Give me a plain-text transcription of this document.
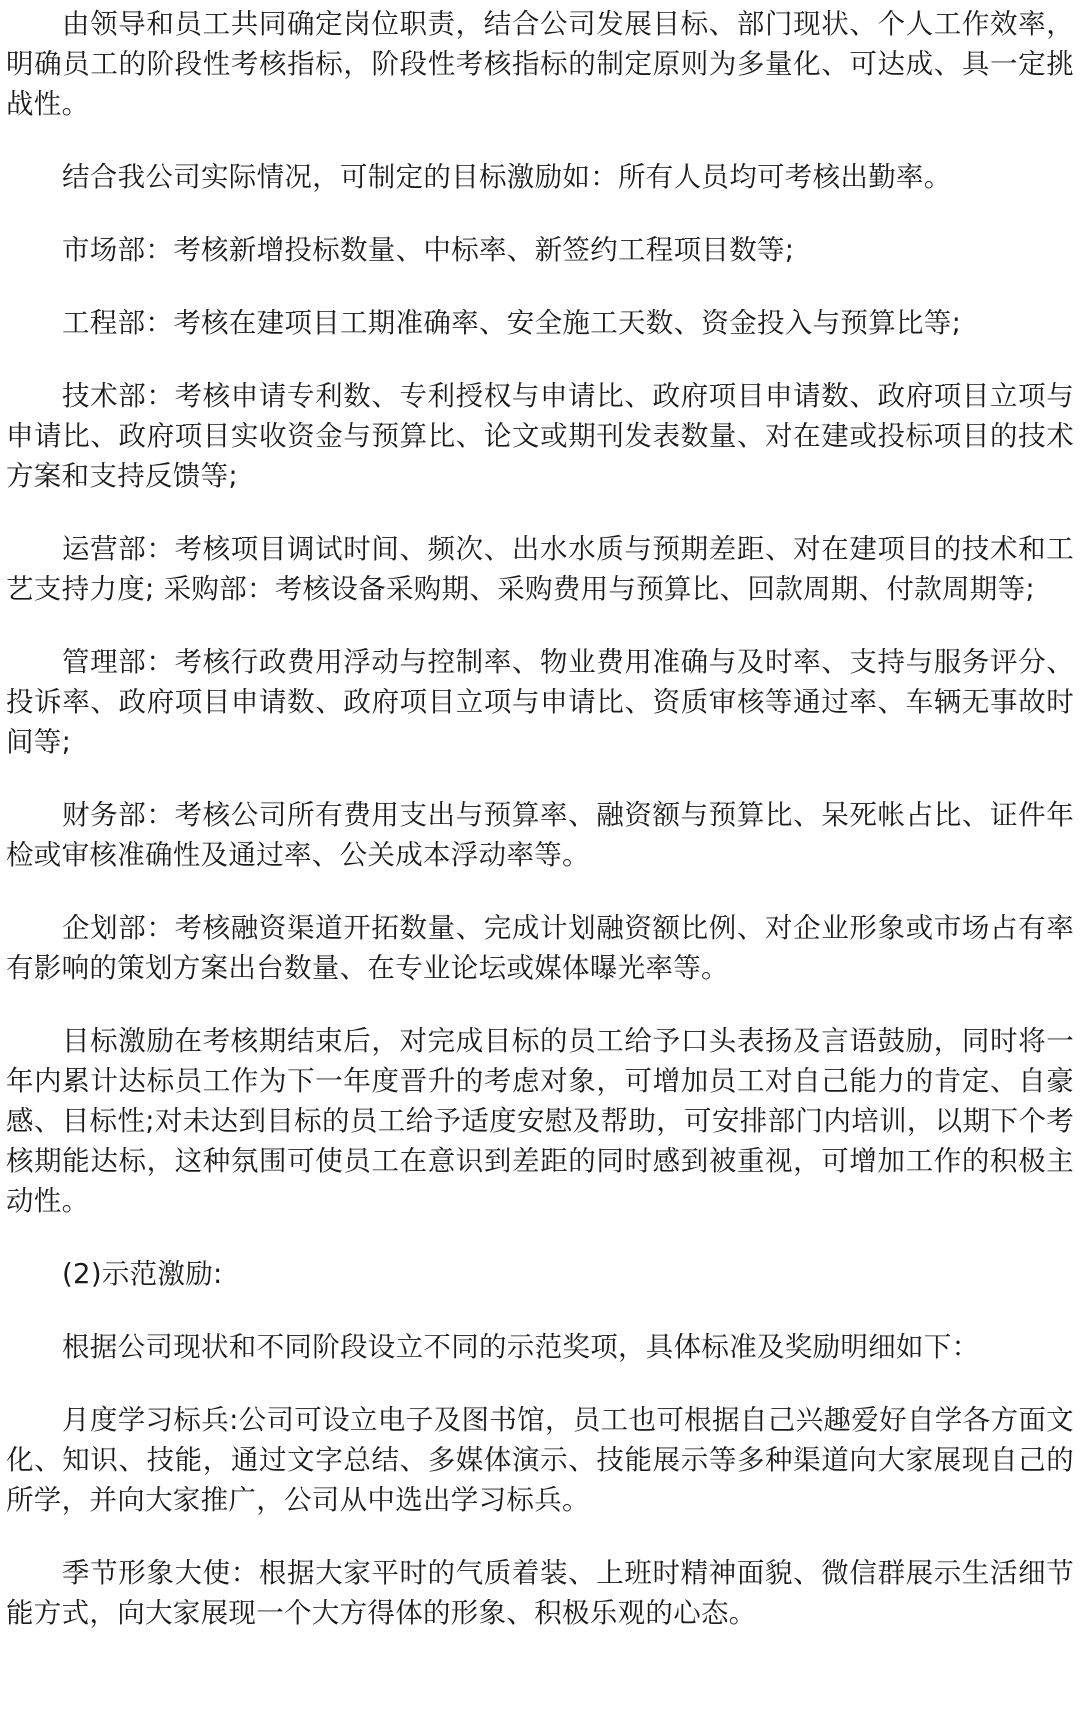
由领导和员工共同确定岗位职责，结合公司发展目标、部门现状、个人工作效率，明确员工的阶段性考核指标，阶段性考核指标的制定原则为多量化、可达成、具一定挑战性。

结合我公司实际情况，可制定的目标激励如：所有人员均可考核出勤率。

市场部：考核新增投标数量、中标率、新签约工程项目数等;

工程部：考核在建项目工期准确率、安全施工天数、资金投入与预算比等;

技术部：考核申请专利数、专利授权与申请比、政府项目申请数、政府项目立项与申请比、政府项目实收资金与预算比、论文或期刊发表数量、对在建或投标项目的技术方案和支持反馈等;

运营部：考核项目调试时间、频次、出水水质与预期差距、对在建项目的技术和工艺支持力度; 采购部：考核设备采购期、采购费用与预算比、回款周期、付款周期等;

管理部：考核行政费用浮动与控制率、物业费用准确与及时率、支持与服务评分、投诉率、政府项目申请数、政府项目立项与申请比、资质审核等通过率、车辆无事故时间等;

财务部：考核公司所有费用支出与预算率、融资额与预算比、呆死帐占比、证件年检或审核准确性及通过率、公关成本浮动率等。

企划部：考核融资渠道开拓数量、完成计划融资额比例、对企业形象或市场占有率有影响的策划方案出台数量、在专业论坛或媒体曝光率等。

目标激励在考核期结束后，对完成目标的员工给予口头表扬及言语鼓励，同时将一年内累计达标员工作为下一年度晋升的考虑对象，可增加员工对自己能力的肯定、自豪感、目标性;对未达到目标的员工给予适度安慰及帮助，可安排部门内培训，以期下个考核期能达标，这种氛围可使员工在意识到差距的同时感到被重视，可增加工作的积极主动性。

(2)示范激励:

根据公司现状和不同阶段设立不同的示范奖项，具体标准及奖励明细如下：

月度学习标兵:公司可设立电子及图书馆，员工也可根据自己兴趣爱好自学各方面文化、知识、技能，通过文字总结、多媒体演示、技能展示等多种渠道向大家展现自己的所学，并向大家推广，公司从中选出学习标兵。

季节形象大使：根据大家平时的气质着装、上班时精神面貌、微信群展示生活细节能方式，向大家展现一个大方得体的形象、积极乐观的心态。
